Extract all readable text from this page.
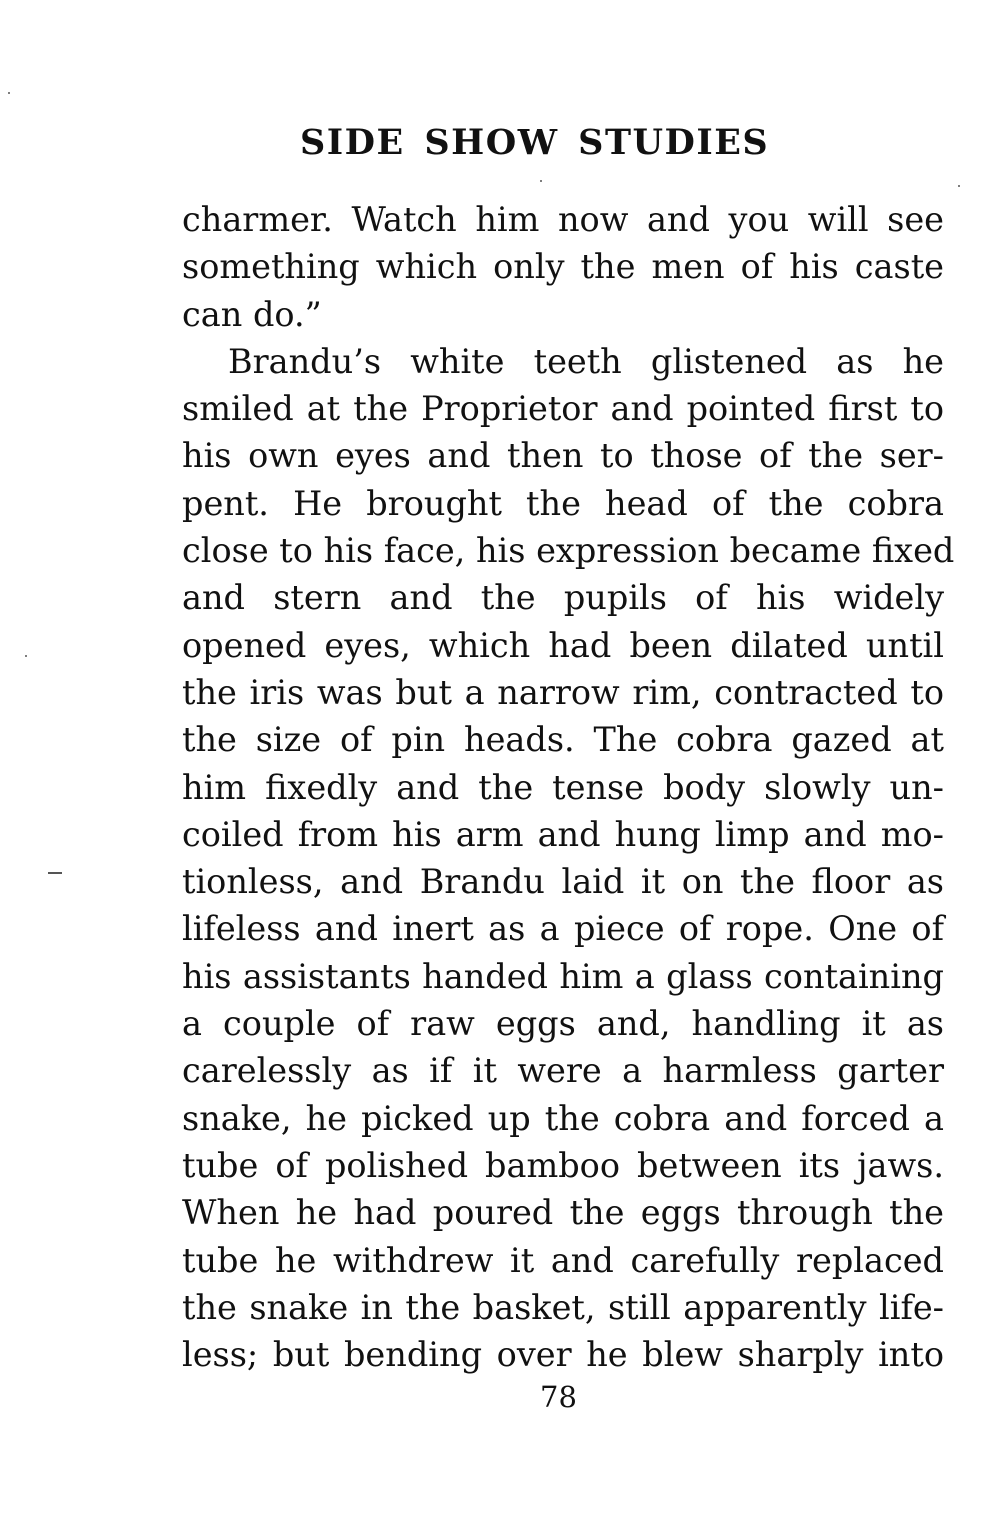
SIDE SHOW STUDIES
charmer. Watch him now and you will see
something which only the men of his caste
can do.”
Brandu’s white teeth glistened as he
smiled at the Proprietor and pointed first to
his own eyes and then to those of the ser-
pent. He brought the head of the cobra
close to his face, his expression became fixed
and stern and the pupils of his widely
opened eyes, which had been dilated until
the iris was but a narrow rim, contracted to
the size of pin heads. The cobra gazed at
him fixedly and the tense body slowly un-
coiled from his arm and hung limp and mo-
tionless, and Brandu laid it on the floor as
lifeless and inert as a piece of rope. One of
his assistants handed him a glass containing
a couple of raw eggs and, handling it as
carelessly as if it were a harmless garter
snake, he picked up the cobra and forced a
tube of polished bamboo between its jaws.
When he had poured the eggs through the
tube he withdrew it and carefully replaced
the snake in the basket, still apparently life-
less; but bending over he blew sharply into

78
